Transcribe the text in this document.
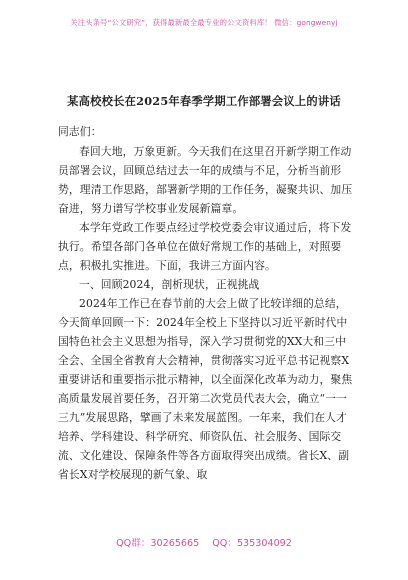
关注头条号“公文研究”，获得最新最全最专业的公文资料库！ 微信：gongwenyj
某高校校长在2025年春季学期工作部署会议上的讲话

同志们：

春回大地，万象更新。今天我们在这里召开新学期工作动员部署会议，回顾总结过去一年的成绩与不足，分析当前形势，理清工作思路，部署新学期的工作任务，凝聚共识、加压奋进，努力谱写学校事业发展新篇章。

本学年党政工作要点经过学校党委会审议通过后，将下发执行。希望各部门各单位在做好常规工作的基础上，对照要点，积极扎实推进。下面，我讲三方面内容。

一、回顾2024，剖析现状，正视挑战

2024年工作已在春节前的大会上做了比较详细的总结，今天简单回顾一下：2024年全校上下坚持以习近平新时代中国特色社会主义思想为指导，深入学习贯彻党的XX大和三中全会、全国全省教育大会精神，贯彻落实习近平总书记视察X重要讲话和重要指示批示精神，以全面深化改革为动力，聚焦高质量发展首要任务，召开第二次党员代表大会，确立“一一三九”发展思路，擘画了未来发展蓝图。一年来，我们在人才培养、学科建设、科学研究、师资队伍、社会服务、国际交流、文化建设、保障条件等各方面取得突出成绩。省长X、副省长X对学校展现的新气象、取

QQ群：30265665 QQ：535304092
